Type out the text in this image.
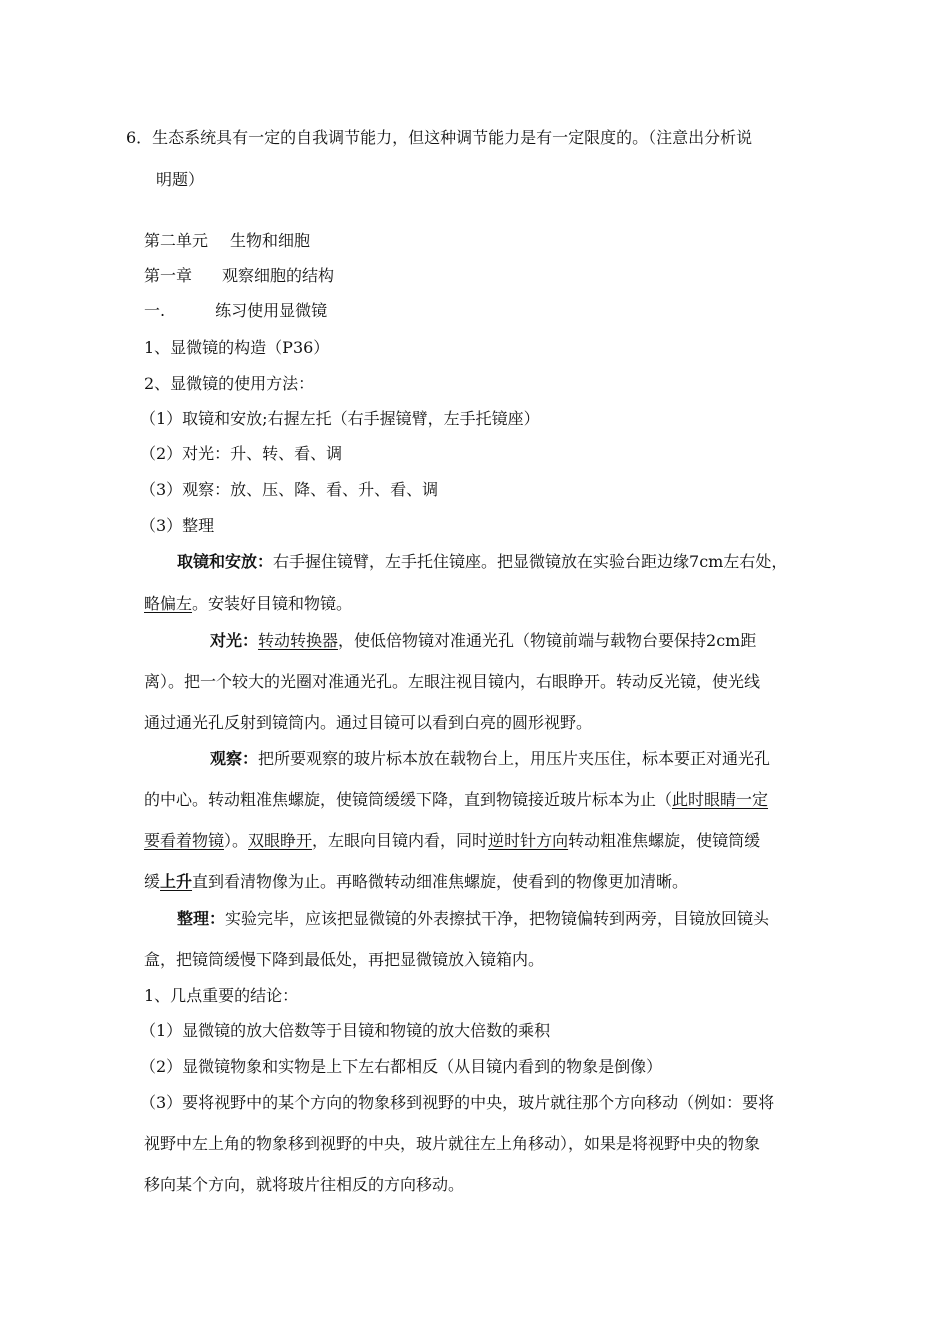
6．生态系统具有一定的自我调节能力，但这种调节能力是有一定限度的。（注意出分析说
明题）
第二单元 生物和细胞
第一章 观察细胞的结构
一.	练习使用显微镜
1、显微镜的构造（P36）
2、显微镜的使用方法：
（1）取镜和安放;右握左托（右手握镜臂，左手托镜座）
（2）对光：升、转、看、调
（3）观察：放、压、降、看、升、看、调
（3）整理
取镜和安放：右手握住镜臂，左手托住镜座。把显微镜放在实验台距边缘7cm左右处，
略偏左。安装好目镜和物镜。
对光：转动转换器，使低倍物镜对准通光孔（物镜前端与载物台要保持2cm距
离）。把一个较大的光圈对准通光孔。左眼注视目镜内，右眼睁开。转动反光镜，使光线
通过通光孔反射到镜筒内。通过目镜可以看到白亮的圆形视野。
观察：把所要观察的玻片标本放在载物台上，用压片夹压住，标本要正对通光孔
的中心。转动粗准焦螺旋，使镜筒缓缓下降，直到物镜接近玻片标本为止（此时眼睛一定
要看着物镜）。双眼睁开，左眼向目镜内看，同时逆时针方向转动粗准焦螺旋，使镜筒缓
缓上升直到看清物像为止。再略微转动细准焦螺旋，使看到的物像更加清晰。
整理：实验完毕，应该把显微镜的外表擦拭干净，把物镜偏转到两旁，目镜放回镜头
盒，把镜筒缓慢下降到最低处，再把显微镜放入镜箱内。
1、几点重要的结论：
（1）显微镜的放大倍数等于目镜和物镜的放大倍数的乘积
（2）显微镜物象和实物是上下左右都相反（从目镜内看到的物象是倒像）
（3）要将视野中的某个方向的物象移到视野的中央，玻片就往那个方向移动（例如：要将
视野中左上角的物象移到视野的中央，玻片就往左上角移动），如果是将视野中央的物象
移向某个方向，就将玻片往相反的方向移动。
